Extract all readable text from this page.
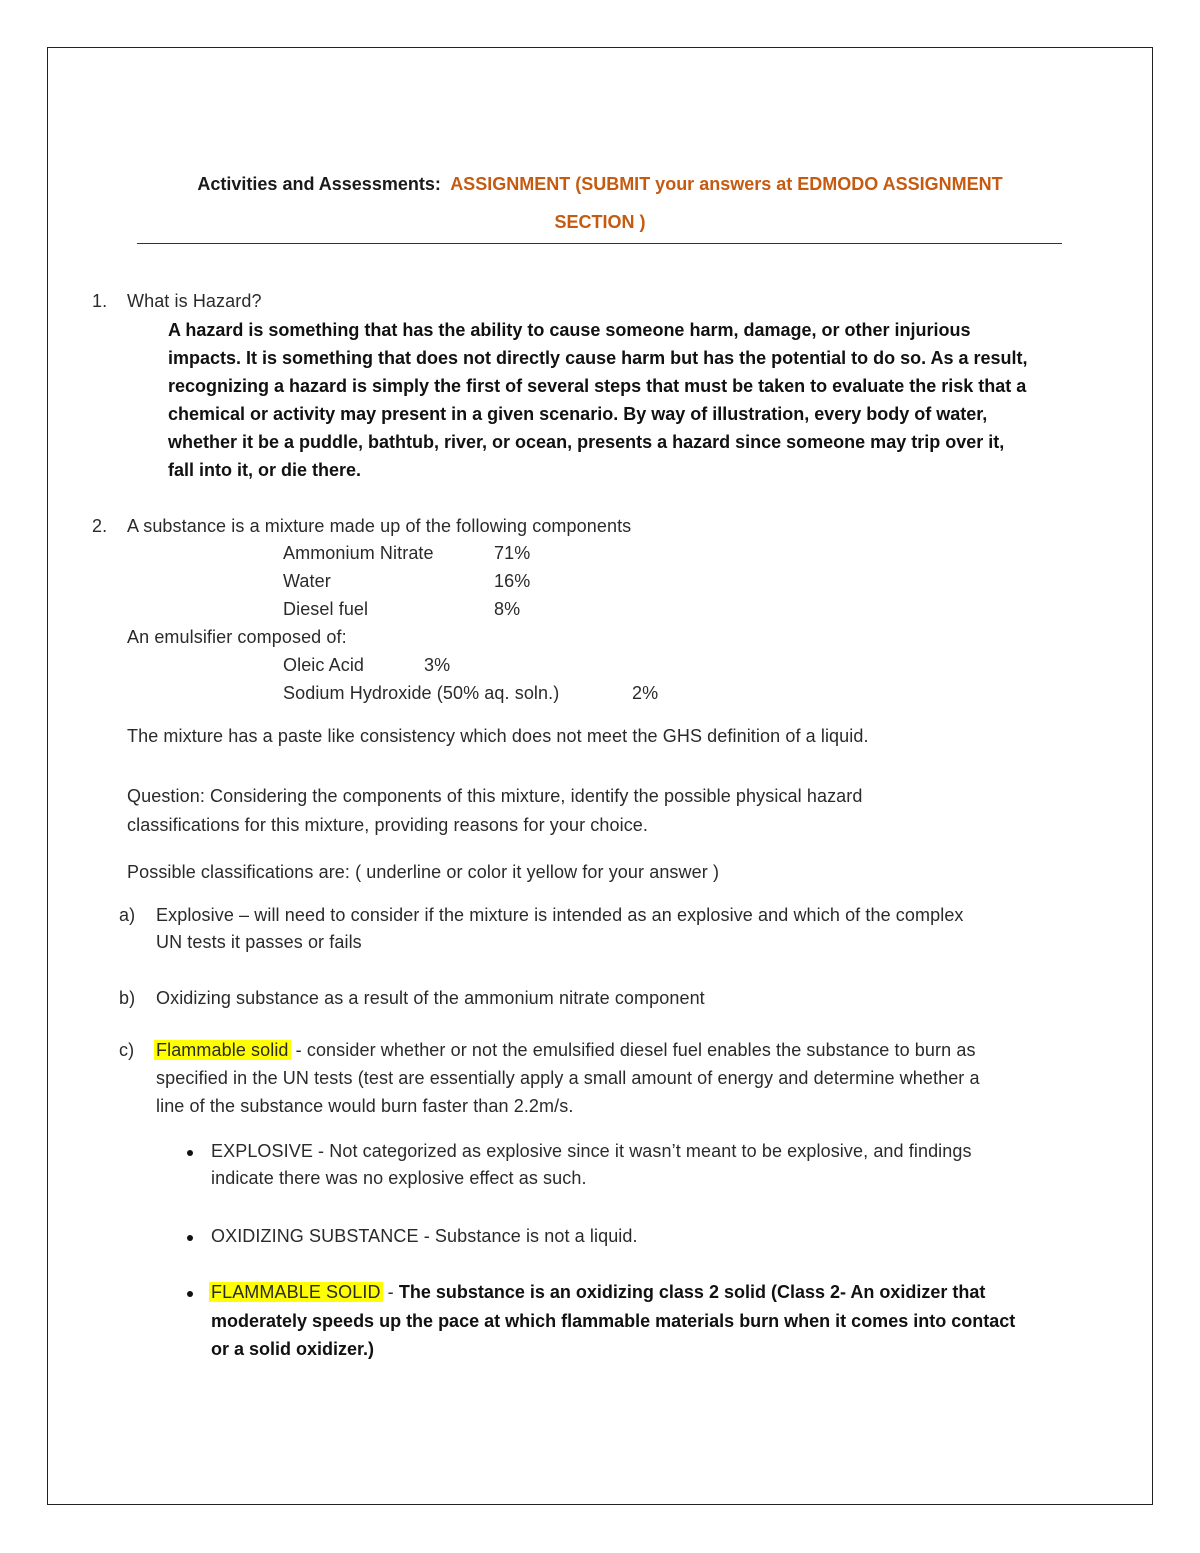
Activities and Assessments: ASSIGNMENT (SUBMIT your answers at EDMODO ASSIGNMENT
SECTION )
1. What is Hazard?
A hazard is something that has the ability to cause someone harm, damage, or other injurious
impacts. It is something that does not directly cause harm but has the potential to do so. As a result,
recognizing a hazard is simply the first of several steps that must be taken to evaluate the risk that a
chemical or activity may present in a given scenario. By way of illustration, every body of water,
whether it be a puddle, bathtub, river, or ocean, presents a hazard since someone may trip over it,
fall into it, or die there.
2. A substance is a mixture made up of the following components
Ammonium Nitrate	71%
Water	16%
Diesel fuel	8%
An emulsifier composed of:
Oleic Acid	3%
Sodium Hydroxide (50% aq. soln.)	2%
The mixture has a paste like consistency which does not meet the GHS definition of a liquid.
Question: Considering the components of this mixture, identify the possible physical hazard
classifications for this mixture, providing reasons for your choice.
Possible classifications are: ( underline or color it yellow for your answer )
a) Explosive – will need to consider if the mixture is intended as an explosive and which of the complex
UN tests it passes or fails
b) Oxidizing substance as a result of the ammonium nitrate component
c) Flammable solid - consider whether or not the emulsified diesel fuel enables the substance to burn as
specified in the UN tests (test are essentially apply a small amount of energy and determine whether a
line of the substance would burn faster than 2.2m/s.
EXPLOSIVE - Not categorized as explosive since it wasn’t meant to be explosive, and findings
indicate there was no explosive effect as such.
OXIDIZING SUBSTANCE - Substance is not a liquid.
FLAMMABLE SOLID - The substance is an oxidizing class 2 solid (Class 2- An oxidizer that
moderately speeds up the pace at which flammable materials burn when it comes into contact
or a solid oxidizer.)
